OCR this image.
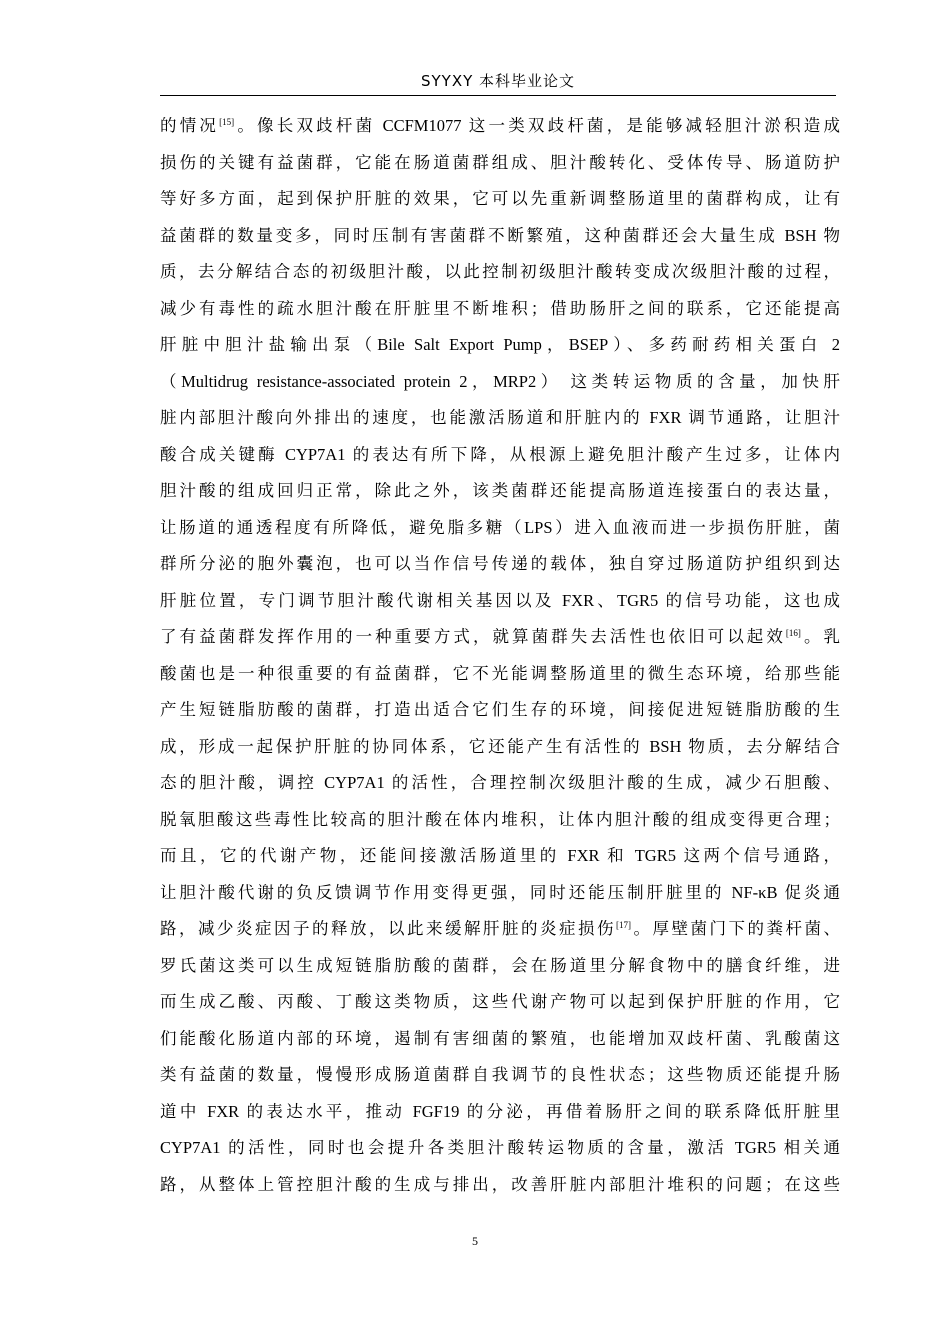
SYYXY 本科毕业论文
的情况[15]。像长双歧杆菌 CCFM1077 这一类双歧杆菌，是能够减轻胆汁淤积造成
损伤的关键有益菌群，它能在肠道菌群组成、胆汁酸转化、受体传导、肠道防护
等好多方面，起到保护肝脏的效果，它可以先重新调整肠道里的菌群构成，让有
益菌群的数量变多，同时压制有害菌群不断繁殖，这种菌群还会大量生成 BSH 物
质，去分解结合态的初级胆汁酸，以此控制初级胆汁酸转变成次级胆汁酸的过程，
减少有毒性的疏水胆汁酸在肝脏里不断堆积；借助肠肝之间的联系，它还能提高
肝脏中胆汁盐输出泵（Bile Salt Export Pump，BSEP）、多药耐药相关蛋白 2
（Multidrug resistance-associated protein 2，MRP2） 这类转运物质的含量，加快肝
脏内部胆汁酸向外排出的速度，也能激活肠道和肝脏内的 FXR 调节通路，让胆汁
酸合成关键酶 CYP7A1 的表达有所下降，从根源上避免胆汁酸产生过多，让体内
胆汁酸的组成回归正常，除此之外，该类菌群还能提高肠道连接蛋白的表达量，
让肠道的通透程度有所降低，避免脂多糖（LPS）进入血液而进一步损伤肝脏，菌
群所分泌的胞外囊泡，也可以当作信号传递的载体，独自穿过肠道防护组织到达
肝脏位置，专门调节胆汁酸代谢相关基因以及 FXR、TGR5 的信号功能，这也成
了有益菌群发挥作用的一种重要方式，就算菌群失去活性也依旧可以起效[16]。乳
酸菌也是一种很重要的有益菌群，它不光能调整肠道里的微生态环境，给那些能
产生短链脂肪酸的菌群，打造出适合它们生存的环境，间接促进短链脂肪酸的生
成，形成一起保护肝脏的协同体系，它还能产生有活性的 BSH 物质，去分解结合
态的胆汁酸，调控 CYP7A1 的活性，合理控制次级胆汁酸的生成，减少石胆酸、
脱氧胆酸这些毒性比较高的胆汁酸在体内堆积，让体内胆汁酸的组成变得更合理；
而且，它的代谢产物，还能间接激活肠道里的 FXR 和 TGR5 这两个信号通路，
让胆汁酸代谢的负反馈调节作用变得更强，同时还能压制肝脏里的 NF-κB 促炎通
路，减少炎症因子的释放，以此来缓解肝脏的炎症损伤[17]。厚壁菌门下的粪杆菌、
罗氏菌这类可以生成短链脂肪酸的菌群，会在肠道里分解食物中的膳食纤维，进
而生成乙酸、丙酸、丁酸这类物质，这些代谢产物可以起到保护肝脏的作用，它
们能酸化肠道内部的环境，遏制有害细菌的繁殖，也能增加双歧杆菌、乳酸菌这
类有益菌的数量，慢慢形成肠道菌群自我调节的良性状态；这些物质还能提升肠
道中 FXR 的表达水平，推动 FGF19 的分泌，再借着肠肝之间的联系降低肝脏里
CYP7A1 的活性，同时也会提升各类胆汁酸转运物质的含量，激活 TGR5 相关通
路，从整体上管控胆汁酸的生成与排出，改善肝脏内部胆汁堆积的问题；在这些
5
